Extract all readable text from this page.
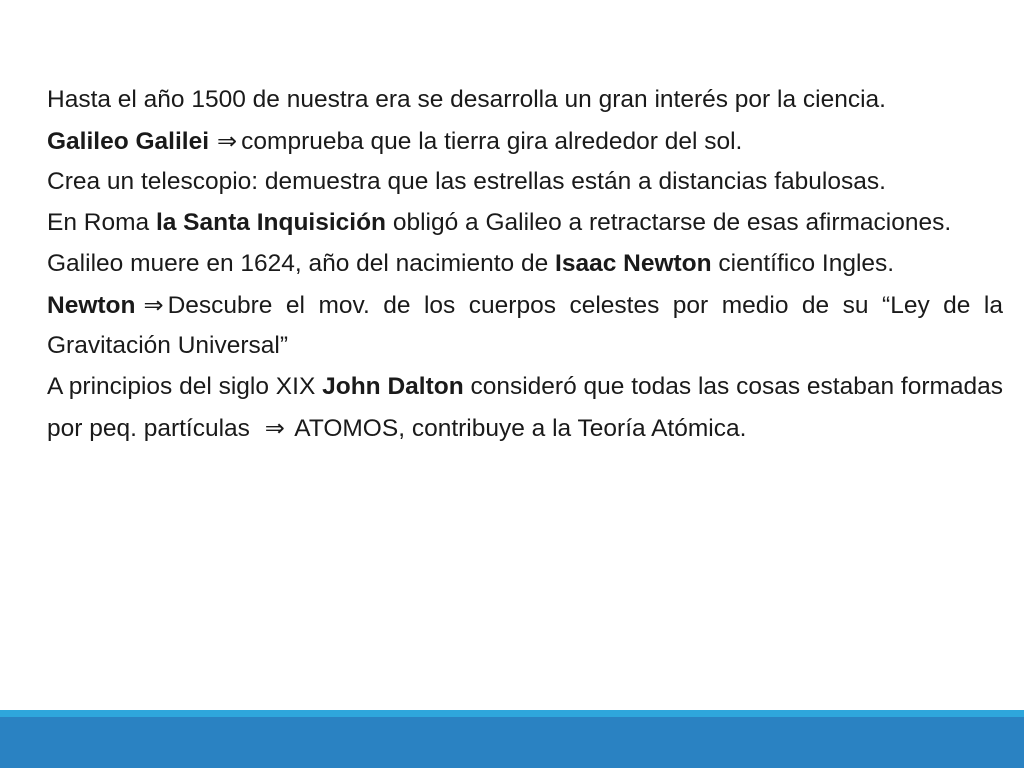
Hasta el año 1500 de nuestra era se desarrolla un gran interés por la ciencia.

Galileo Galilei ⇒ comprueba que la tierra gira alrededor del sol.

Crea un telescopio: demuestra que las estrellas están a distancias fabulosas.

En Roma la Santa Inquisición obligó a Galileo a retractarse de esas afirmaciones.

Galileo muere en 1624, año del nacimiento de Isaac Newton científico Ingles.

Newton ⇒ Descubre el mov. de los cuerpos celestes por medio de su “Ley de la Gravitación Universal”

A principios del siglo XIX John Dalton consideró que todas las cosas estaban formadas por peq. partículas ⇒ ATOMOS, contribuye a la Teoría Atómica.
